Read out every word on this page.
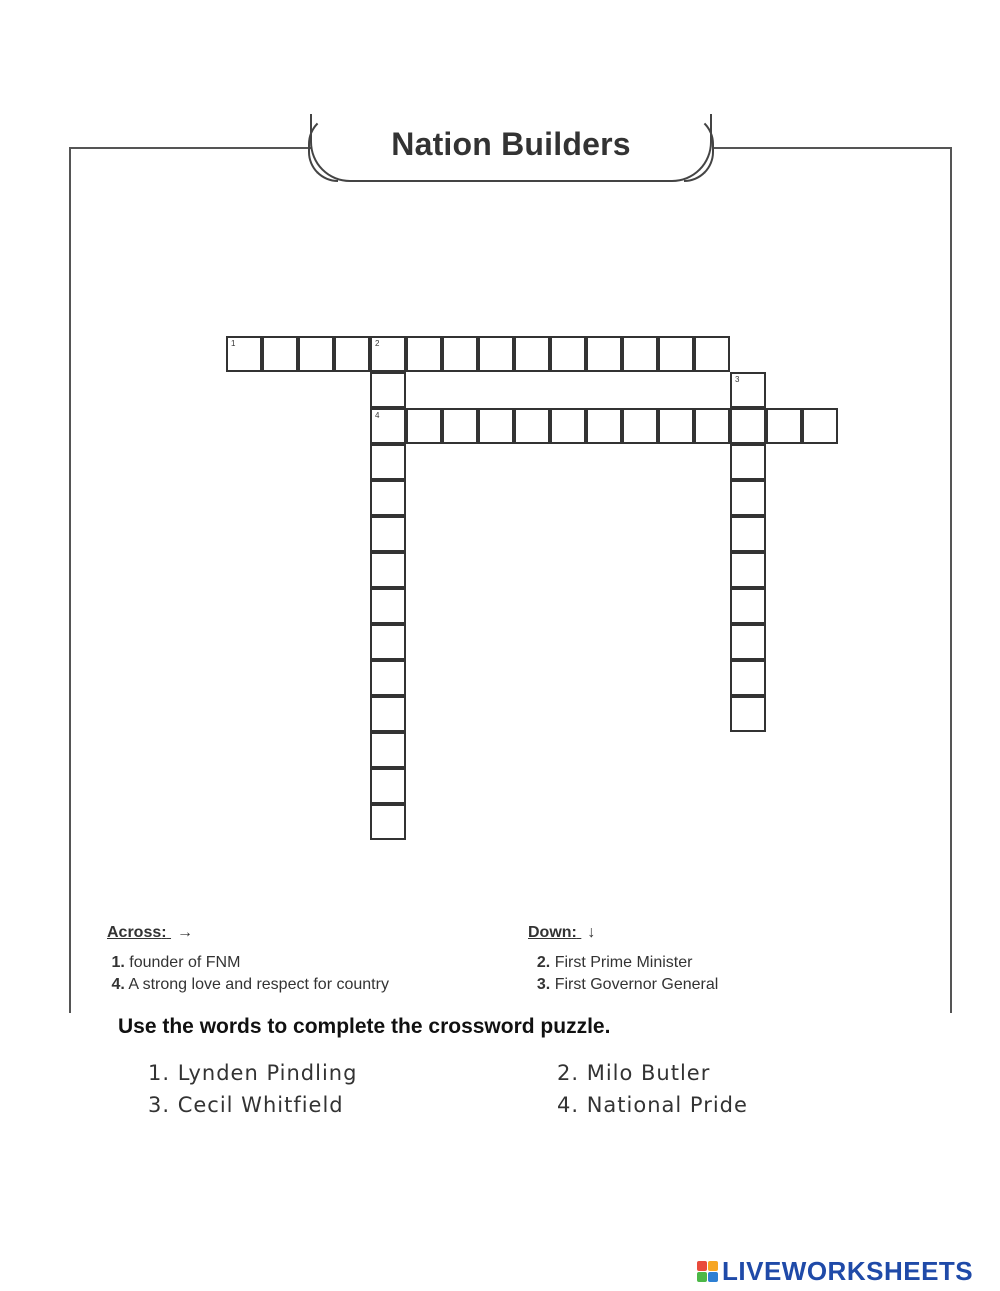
Nation Builders
1	2
4
3
Across: →
1. founder of FNM
4. A strong love and respect for country
Down: ↓
2. First Prime Minister
3. First Governor General
Use the words to complete the crossword puzzle.
1. Lynden Pindling	2. Milo Butler
3. Cecil Whitfield	4. National Pride
LIVEWORKSHEETS
